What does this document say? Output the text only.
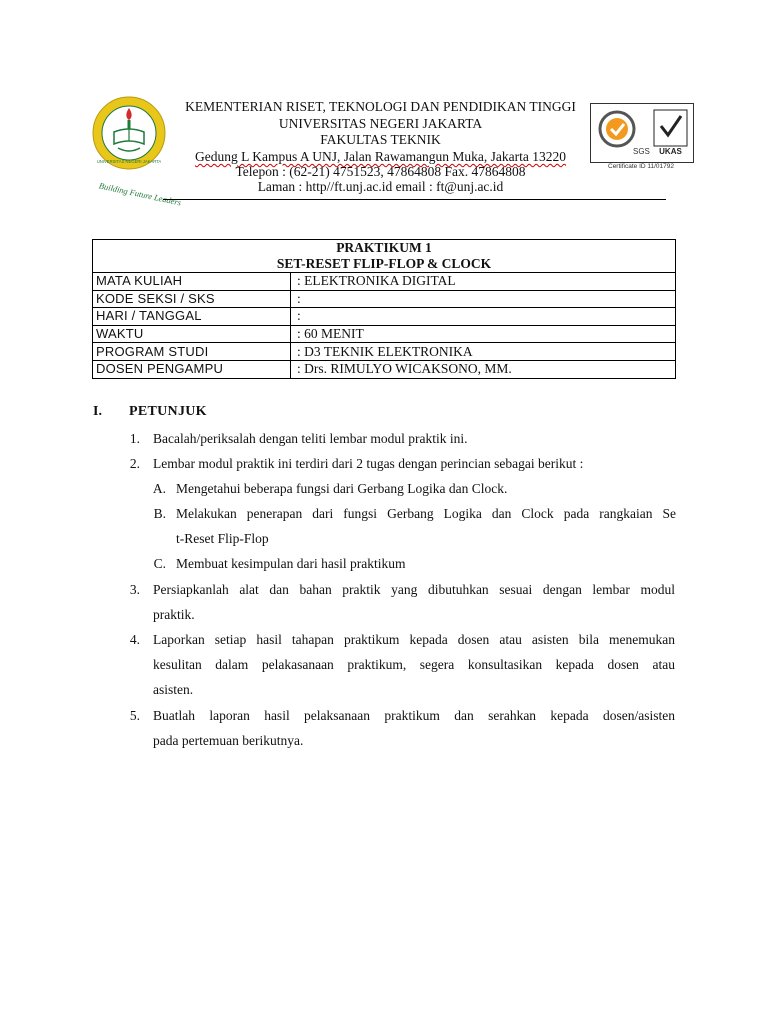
UNIVERSITAS NEGERI JAKARTA
Building Future Leaders
KEMENTERIAN RISET, TEKNOLOGI DAN PENDIDIKAN TINGGI
UNIVERSITAS NEGERI JAKARTA
FAKULTAS TEKNIK
Gedung L Kampus A UNJ, Jalan Rawamangun Muka, Jakarta 13220
Telepon : (62-21) 4751523, 47864808 Fax. 47864808
Laman : http//ft.unj.ac.id email : ft@unj.ac.id
SGS UKAS
Certificate ID 11/01792
PRAKTIKUM 1
SET-RESET FLIP-FLOP & CLOCK	

MATA KULIAH	: ELEKTRONIKA DIGITAL
KODE SEKSI / SKS	:
HARI / TANGGAL	:
WAKTU	: 60 MENIT
PROGRAM STUDI	: D3 TEKNIK ELEKTRONIKA
DOSEN PENGAMPU	: Drs. RIMULYO WICAKSONO, MM.
I. PETUNJUK
1. Bacalah/periksalah dengan teliti lembar modul praktik ini.
2. Lembar modul praktik ini terdiri dari 2 tugas dengan perincian sebagai berikut :
A. Mengetahui beberapa fungsi dari Gerbang Logika dan Clock.
B. Melakukan penerapan dari fungsi Gerbang Logika dan Clock pada rangkaian Se
t-Reset Flip-Flop
C. Membuat kesimpulan dari hasil praktikum
3. Persiapkanlah alat dan bahan praktik yang dibutuhkan sesuai dengan lembar modul
praktik.
4. Laporkan setiap hasil tahapan praktikum kepada dosen atau asisten bila menemukan
kesulitan dalam pelakasanaan praktikum, segera konsultasikan kepada dosen atau
asisten.
5. Buatlah laporan hasil pelaksanaan praktikum dan serahkan kepada dosen/asisten
pada pertemuan berikutnya.
